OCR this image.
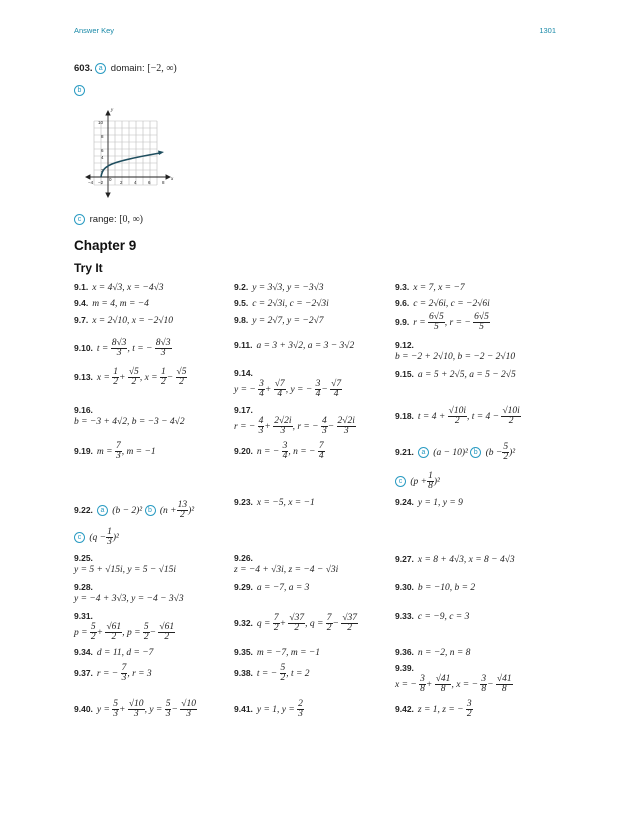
Answer Key	1301
603. a domain: [−2, ∞)
b
x
y
−4 −2
0
2	4	6	8
10
8
6
4
2
c range: [0, ∞)
Chapter 9
Try It
9.1. x = 4√3, x = −4√3	9.2. y = 3√3, y = −3√3	9.3. x = 7, x = −7
9.4. m = 4, m = −4	9.5. c = 2√3i, c = −2√3i	9.6. c = 2√6i, c = −2√6i
9.7. x = 2√10, x = −2√10	9.8. y = 2√7, y = −2√7	9.9. $r = \frac{6√5}{5}$ , r = − $\frac{6√5}{5}$
9.10. $t = \frac{8√3}{3}$ , t = − $\frac{8√3}{3}$	9.11. a = 3 + 3√2, a = 3 − 3√2	9.12.
b = −2 + 2√10, b = −2 − 2√10
9.13. $x = \frac{1}{2} + \frac{√5}{2}$ , $x = \frac{1}{2} - \frac{√5}{2}$	9.14.
y = − $\frac{3}{4} + \frac{√7}{4}$ , y = − $\frac{3}{4} - \frac{√7}{4}$
9.15. a = 5 + 2√5, a = 5 − 2√5
9.16.
b = −3 + 4√2, b = −3 − 4√2
9.17.
r = − $\frac{4}{3} + \frac{2√2i}{3}$ , r = − $\frac{4}{3} - \frac{2√2i}{3}$
9.18. $t = 4 + \frac{√10i}{2}$ , $t = 4 - \frac{√10i}{2}$
9.19. $m = \frac{7}{3}$ , m = −1	9.20. n = − $\frac{3}{4}$ , n = − $\frac{7}{4}$	9.21. a (a − 10)² b $(b - \frac{5}{2} )^2$
c $(p + \frac{1}{8} )^2$
9.22. a (b − 2)² b $(n + \frac{13}{2} )^2$
c $(q - \frac{1}{3} )^2$
9.23. x = −5, x = −1	9.24. y = 1, y = 9
9.25.
y = 5 + √15i, y = 5 − √15i
9.26.
z = −4 + √3i, z = −4 − √3i
9.27. x = 8 + 4√3, x = 8 − 4√3
9.28.
y = −4 + 3√3, y = −4 − 3√3
9.29. a = −7, a = 3	9.30. b = −10, b = 2
9.31.
$p = \frac{5}{2} + \frac{√61}{2}$ , $p = \frac{5}{2} - \frac{√61}{2}$
9.32. $q = \frac{7}{2} + \frac{√37}{2}$ , $q = \frac{7}{2} - \frac{√37}{2}$	9.33. c = −9, c = 3
9.34. d = 11, d = −7	9.35. m = −7, m = −1	9.36. n = −2, n = 8
9.37. r = − $\frac{7}{3}$ , r = 3	9.38. t = − $\frac{5}{2}$ , t = 2
9.39.
x = − $\frac{3}{8} + \frac{√41}{8}$ , x = − $\frac{3}{8} - \frac{√41}{8}$
9.40. $y = \frac{5}{3} + \frac{√10}{3}$ , $y = \frac{5}{3} - \frac{√10}{3}$	9.41. y = 1, $y = \frac{2}{3}$	9.42. z = 1, z = − $\frac{3}{2}$
